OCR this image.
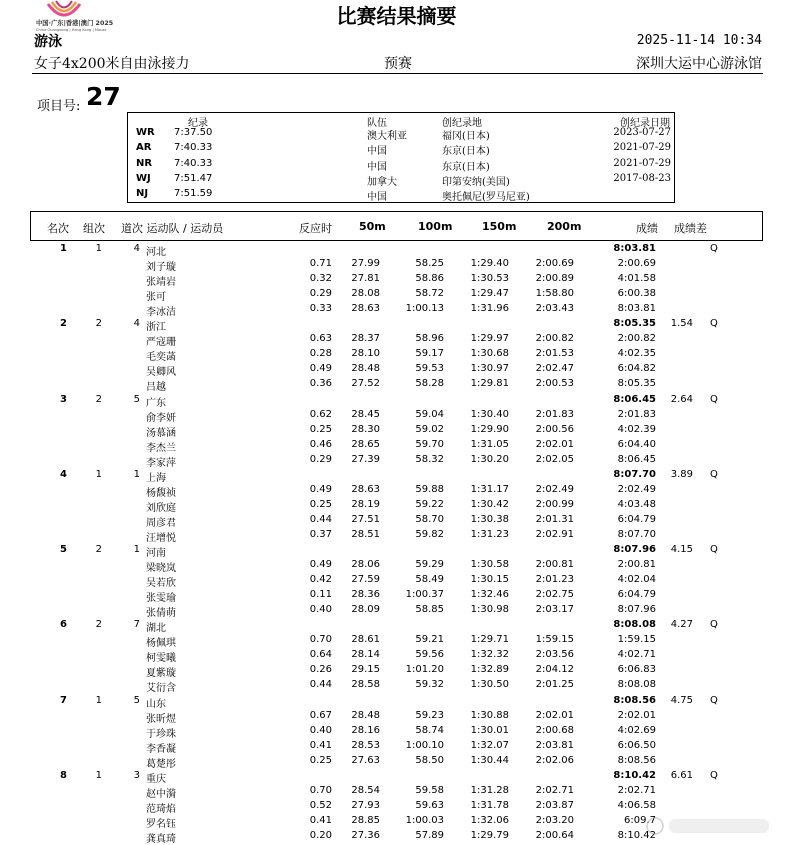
中国·广东|香港|澳门 2025
China·Guangdong | Hong Kong | Macao
比赛结果摘要
游泳	2025-11-14 10:34
女子4x200米自由泳接力	预赛	深圳大运中心游泳馆
项目号: 27
纪录	队伍	创纪录地	创纪录日期
WR 7:37.50	澳大利亚	福冈(日本)	2023-07-27
AR 7:40.33	中国	东京(日本)	2021-07-29
NR 7:40.33	中国	东京(日本)	2021-07-29
WJ 7:51.47	加拿大	印第安纳(美国)	2017-08-23
NJ	7:51.59	中国	奥托佩尼(罗马尼亚)
名次 组次 道次 运动队 / 运动员	反应时 50m	100m	150m	200m	成绩 成绩差
1	1	4 河北	8:03.81	Q
刘子璇	0.71 27.99	58.25	1:29.40	2:00.69	2:00.69
张靖岩	0.32 27.81	58.86	1:30.53	2:00.89	4:01.58
张可	0.29 28.08	58.72	1:29.47	1:58.80	6:00.38
李冰洁	0.33 28.63	1:00.13	1:31.96	2:03.43	8:03.81
2	2	4 浙江	8:05.35 1.54 Q
严寇珊	0.63 28.37	58.96	1:29.97	2:00.82	2:00.82
毛奕菡	0.28 28.10	59.17	1:30.68	2:01.53	4:02.35
吴卿风	0.49 28.48	59.53	1:30.97	2:02.47	6:04.82
吕越	0.36 27.52	58.28	1:29.81	2:00.53	8:05.35
3	2	5 广东	8:06.45 2.64 Q
俞李妍	0.62 28.45	59.04	1:30.40	2:01.83	2:01.83
汤慕涵	0.25 28.30	59.02	1:29.90	2:00.56	4:02.39
李杰兰	0.46 28.65	59.70	1:31.05	2:02.01	6:04.40
李家萍	0.29 27.39	58.32	1:30.20	2:02.05	8:06.45
4	1	1 上海	8:07.70 3.89 Q
杨馥祯	0.49 28.63	59.88	1:31.17	2:02.49	2:02.49
刘欣庭	0.25 28.19	59.22	1:30.42	2:00.99	4:03.48
周彦君	0.44 27.51	58.70	1:30.38	2:01.31	6:04.79
汪增悦	0.37 28.51	59.82	1:31.23	2:02.91	8:07.70
5	2	1 河南	8:07.96 4.15 Q
梁晓岚	0.49 28.06	59.29	1:30.58	2:00.81	2:00.81
吴若欣	0.42 27.59	58.49	1:30.15	2:01.23	4:02.04
张雯瑜	0.11 28.36	1:00.37	1:32.46	2:02.75	6:04.79
张倩萌	0.40 28.09	58.85	1:30.98	2:03.17	8:07.96
6	2	7 湖北	8:08.08 4.27 Q
杨佩琪	0.70 28.61	59.21	1:29.71	1:59.15	1:59.15
柯雯曦	0.64 28.14	59.56	1:32.32	2:03.56	4:02.71
夏紫璇	0.26 29.15	1:01.20	1:32.89	2:04.12	6:06.83
艾衍含	0.44 28.58	59.32	1:30.50	2:01.25	8:08.08
7	1	5 山东	8:08.56 4.75 Q
张昕煜	0.67 28.48	59.23	1:30.88	2:02.01	2:02.01
于珍珠	0.40 28.16	58.74	1:30.01	2:00.68	4:02.69
李香凝	0.41 28.53	1:00.10	1:32.07	2:03.81	6:06.50
葛楚彤	0.25 27.63	58.50	1:30.44	2:02.06	8:08.56
8	1	3 重庆	8:10.42 6.61 Q
赵中漪	0.70 28.54	59.58	1:31.28	2:02.71	2:02.71
范琦焰	0.52 27.93	59.63	1:31.78	2:03.87	4:06.58
罗名钰	0.41 28.85	1:00.03	1:32.06	2:03.20	6:09.7
龚真琦	0.20 27.36	57.89	1:29.79	2:00.64	8:10.42
